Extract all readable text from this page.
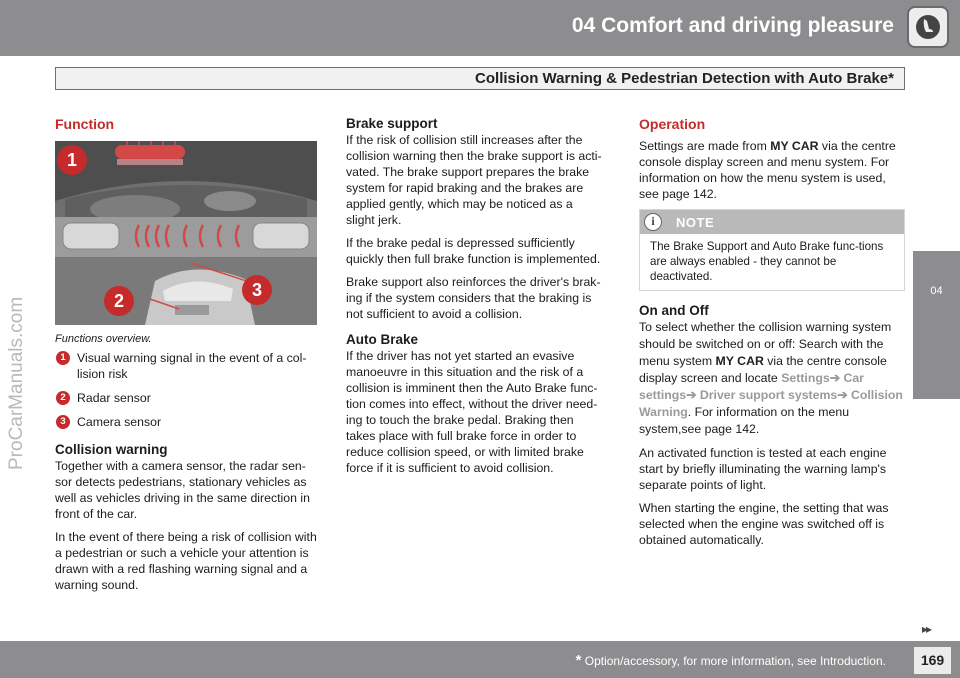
04 Comfort and driving pleasure
Collision Warning & Pedestrian Detection with Auto Brake*
04
ProCarManuals.com
Function
1
2
3
Functions overview.
1 Visual warning signal in the event of a col-lision risk
2 Radar sensor
3 Camera sensor
Collision warning

Together with a camera sensor, the radar sen-sor detects pedestrians, stationary vehicles as well as vehicles driving in the same direction in front of the car.

In the event of there being a risk of collision with a pedestrian or such a vehicle your attention is drawn with a red flashing warning signal and a warning sound.

Brake support

If the risk of collision still increases after the collision warning then the brake support is acti-vated. The brake support prepares the brake system for rapid braking and the brakes are applied gently, which may be noticed as a slight jerk.

If the brake pedal is depressed sufficiently quickly then full brake function is implemented.

Brake support also reinforces the driver's brak-ing if the system considers that the braking is not sufficient to avoid a collision.

Auto Brake

If the driver has not yet started an evasive manoeuvre in this situation and the risk of a collision is imminent then the Auto Brake func-tion comes into effect, without the driver need-ing to touch the brake pedal. Braking then takes place with full brake force in order to reduce collision speed, or with limited brake force if it is sufficient to avoid collision.

Operation

Settings are made from MY CAR via the centre console display screen and menu system. For information on how the menu system is used, see page 142.

i	NOTE
The Brake Support and Auto Brake func-tions are always enabled - they cannot be deactivated.
On and Off

To select whether the collision warning system should be switched on or off: Search with the menu system MY CAR via the centre console display screen and locate Settings➔ Car settings➔ Driver support systems➔ Collision Warning. For information on the menu system,see page 142.

An activated function is tested at each engine start by briefly illuminating the warning lamp's separate points of light.

When starting the engine, the setting that was selected when the engine was switched off is obtained automatically.

▸▸
* Option/accessory, for more information, see Introduction.	169
